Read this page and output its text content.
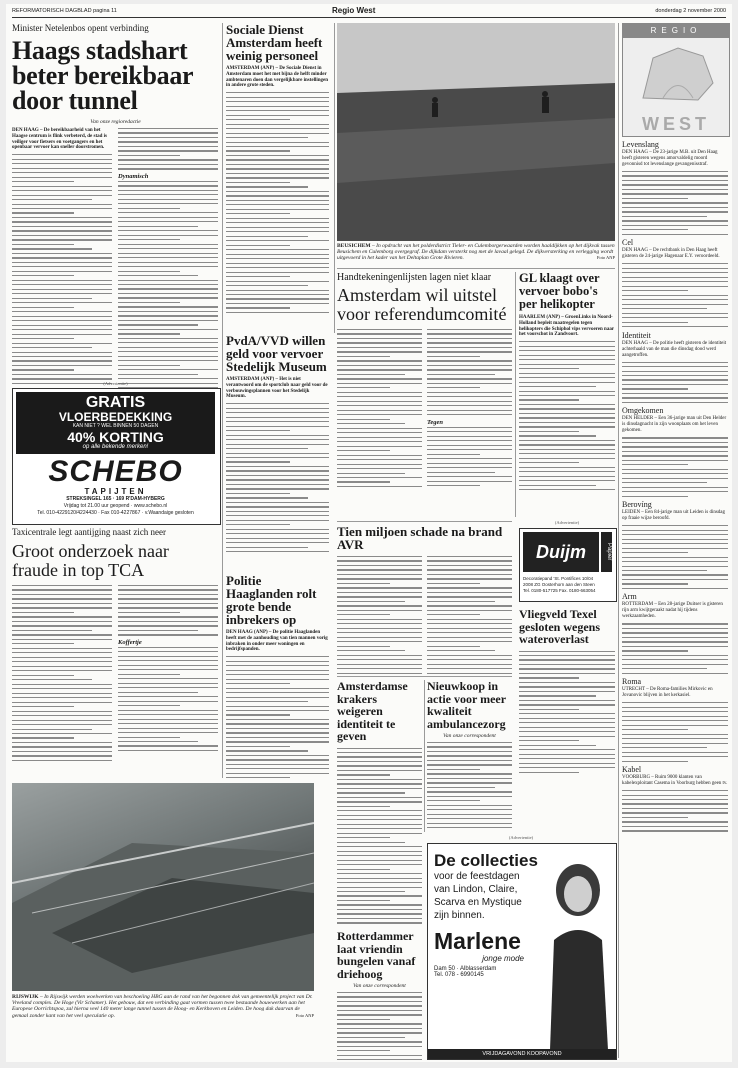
REFORMATORISCH DAGBLAD pagina 11	Regio West	donderdag 2 november 2000
Minister Netelenbos opent verbinding
Haags stadshart beter bereikbaar door tunnel
Van onze regioredactie
DEN HAAG – De bereikbaarheid van het Haagse centrum is flink verbeterd, de stad is veiliger voor fietsers en voetgangers en het openbaar vervoer kan sneller doorstromen.
Dynamisch
(Advertentie)
GRATIS
VLOERBEDEKKING
KAN NIET ? WEL BINNEN 50 DAGEN
40% KORTING
op alle bekende merken!
SCHEBO
TAPIJTEN
STREKSINGEL 165 · 169 R'DAM-HYBERG
Vrijdag tot 21.00 uur geopend · www.schebo.nl
Tel. 010-4229120/4224430 · Fax 010-4227867 · v.Waandaige gesloten
Taxicentrale legt aantijging naast zich neer
Groot onderzoek naar fraude in top TCA
Koffertje
RIJSWIJK – In Rijswijk werden woelwerken van beschoeiing HBG aan de rand van het begonnen dok van gemeentelijk project van Dr. Vreeland complex. De Hoge (Vir Schamer). Het gebouw, dat een verbinding gaat vormen tussen twee bestaande bouwwerken aan het Europese Oorrichtspoa, zal hierna veel 140 meter lange tunnel tussen de Hoog- en Kerkhoven en Leiden. De hoog dak daarvan de gemaal zonder kant van het veel speculatie op.	Foto ANP
Sociale Dienst Amsterdam heeft weinig personeel
AMSTERDAM (ANP) – De Sociale Dienst in Amsterdam moet het met bijna de helft minder ambtenaren doen dan vergelijkbare instellingen in andere grote steden.
PvdA/VVD willen geld voor vervoer Stedelijk Museum
AMSTERDAM (ANP) – Het is niet verantwoord om de sportclub naar geld voor de verbouwingsplannen voor het Stedelijk Museum.
Politie Haaglanden rolt grote bende inbrekers op
DEN HAAG (ANP) – De politie Haaglanden heeft met de aanhouding van tien mannen vorig inbraken in onder meer woningen en bedrijfspanden.
BEUSICHEM – In opdracht van het polderdistrict Tieler- en Culemborgerwaarden worden haaldijkken op het dijkvak tussen Beusichem en Culemborg overgegraf. De dijkdam versterkt nog met de lavaal gelegd. De dijkversterking en verlegging wordt uitgevoerd in het kader van het Deltaplan Grote Rivieren.	Foto ANP
Handtekeningenlijsten lagen niet klaar
Amsterdam wil uitstel voor referendumcomité
Tegen
GL klaagt over vervoer bobo's per helikopter
HAARLEM (ANP) – GroenLinks in Noord-Holland bepleit maatregelen tegen helikopters die Schiphol vips vervoeren naar het voorschot in Zandvoort.
Tien miljoen schade na brand AVR
(Advertentie)
Duijm	Papier
Decoratiepand 'St. Pontifices 10/04
2008 ZG Oosterhorn aan den Steen
Tel. 0180-517725 Fax. 0180-663054
Vliegveld Texel gesloten wegens wateroverlast
Amsterdamse krakers weigeren identiteit te geven
Rotterdammer laat vriendin bungelen vanaf driehoog
Van onze correspondent
Nieuwkoop in actie voor meer kwaliteit ambulancezorg
Van onze correspondent
(Advertentie)
De collecties
voor de feestdagen
van Lindon, Claire,
Scarva en Mystique
zijn binnen.
Marlene
jonge mode
Dam 50 · Alblasserdam
Tel. 078 - 6990145
VRIJDAGAVOND KOOPAVOND
REGIO
WEST
Levenslang

DEN HAAG – De 23-jarige M.B. uit Den Haag heeft gisteren wegens amorvaldelig moord gevonnisd tot levenslange gevangenisstraf.

Cel

DEN HAAG – De rechtbank in Den Haag heeft gisteren de 24-jarige Hagenaar E.Y. veroordeeld.

Identiteit

DEN HAAG – De politie heeft gisteren de identiteit achterhaald van de man die dinsdag dood werd aangetroffen.

Omgekomen

DEN HELDER – Een 36-jarige man uit Den Helder is dinsdagnacht in zijn woonplaats om het leven gekomen.

Berovíng

LEIDEN – Een 84-jarige man uit Leiden is dinsdag op fraaie wijze beroofd.

Arm

ROTTERDAM – Een 28-jarige Duitser is gisteren rijn arm kwijtgeraakt nadat hij tijdens werkzaamheden.

Roma

UTRECHT – De Roma-families Mirkovic en Jovanovic blijven in het kerkasiel.

Kabel

VOORBURG – Ruim 9000 klanten van kabelexploitant Casema in Voorburg hebben geen tv.
